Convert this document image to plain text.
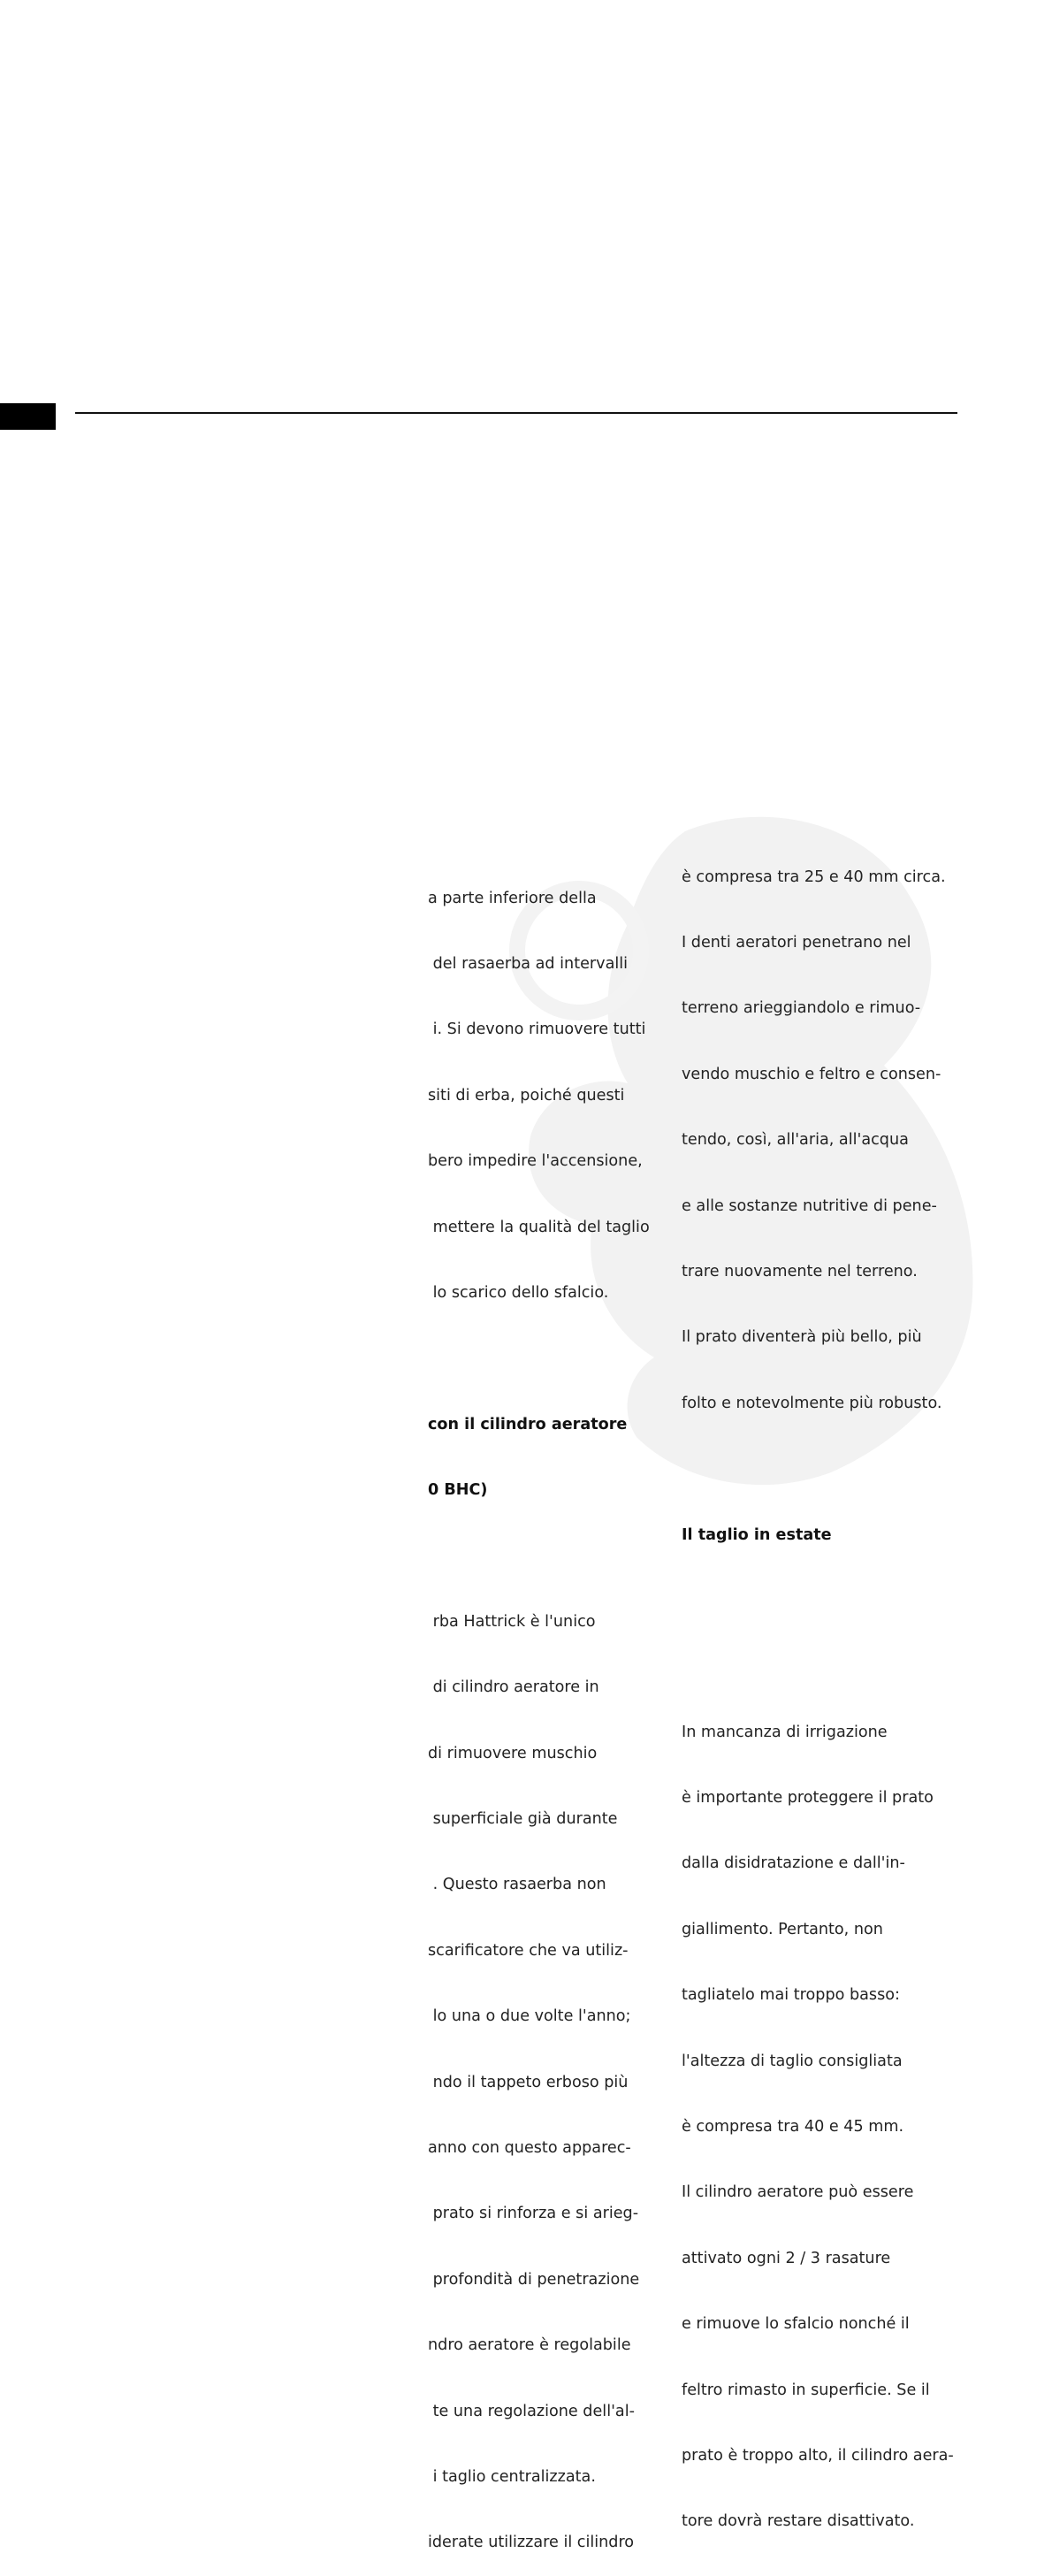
a parte inferiore della

del rasaerba ad intervalli

i. Si devono rimuovere tutti

siti di erba, poiché questi

bero impedire l'accensione,

mettere la qualità del taglio

lo scarico dello sfalcio.

con il cilindro aeratore

0 BHC)

rba Hattrick è l'unico

di cilindro aeratore in

di rimuovere muschio

superficiale già durante

. Questo rasaerba non

scarificatore che va utiliz-

lo una o due volte l'anno;

ndo il tappeto erboso più

anno con questo apparec-

prato si rinforza e si arieg-

profondità di penetrazione

ndro aeratore è regolabile

te una regolazione dell'al-

i taglio centralizzata.

iderate utilizzare il cilindro

è compresa tra 25 e 40 mm circa.

I denti aeratori penetrano nel

terreno arieggiandolo e rimuo-

vendo muschio e feltro e consen-

tendo, così, all'aria, all'acqua

e alle sostanze nutritive di pene-

trare nuovamente nel terreno.

Il prato diventerà più bello, più

folto e notevolmente più robusto.

Il taglio in estate

In mancanza di irrigazione

è importante proteggere il prato

dalla disidratazione e dall'in-

giallimento. Pertanto, non

tagliatelo mai troppo basso:

l'altezza di taglio consigliata

è compresa tra 40 e 45 mm.

Il cilindro aeratore può essere

attivato ogni 2 / 3 rasature

e rimuove lo sfalcio nonché il

feltro rimasto in superficie. Se il

prato è troppo alto, il cilindro aera-

tore dovrà restare disattivato.
